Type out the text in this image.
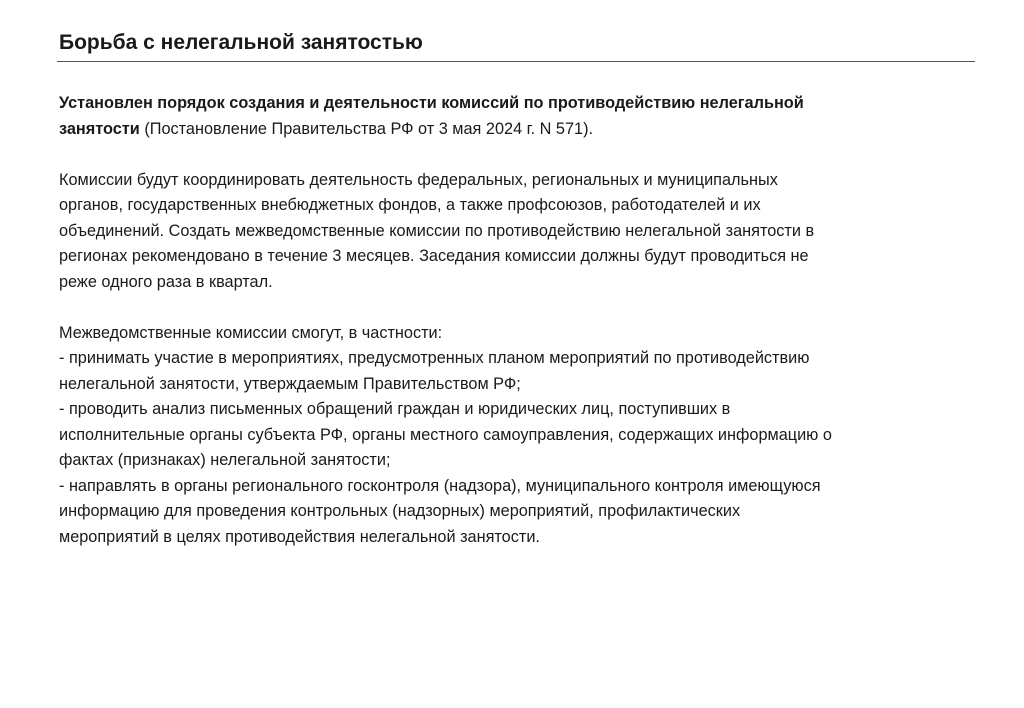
Борьба с нелегальной занятостью

Установлен порядок создания и деятельности комиссий по противодействию нелегальной
занятости (Постановление Правительства РФ от 3 мая 2024 г. N 571).

Комиссии будут координировать деятельность федеральных, региональных и муниципальных
органов, государственных внебюджетных фондов, а также профсоюзов, работодателей и их
объединений. Создать межведомственные комиссии по противодействию нелегальной занятости в
регионах рекомендовано в течение 3 месяцев. Заседания комиссии должны будут проводиться не
реже одного раза в квартал.

Межведомственные комиссии смогут, в частности:
- принимать участие в мероприятиях, предусмотренных планом мероприятий по противодействию
нелегальной занятости, утверждаемым Правительством РФ;
- проводить анализ письменных обращений граждан и юридических лиц, поступивших в
исполнительные органы субъекта РФ, органы местного самоуправления, содержащих информацию о
фактах (признаках) нелегальной занятости;
- направлять в органы регионального госконтроля (надзора), муниципального контроля имеющуюся
информацию для проведения контрольных (надзорных) мероприятий, профилактических
мероприятий в целях противодействия нелегальной занятости.
